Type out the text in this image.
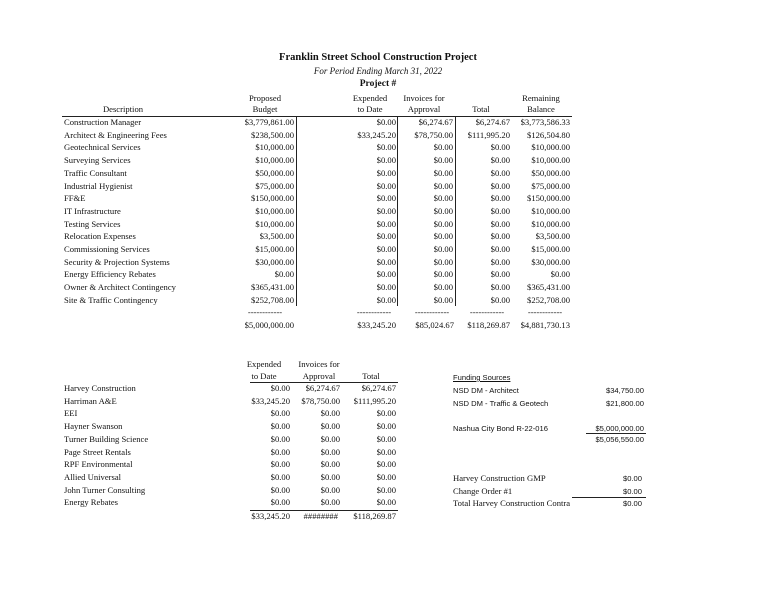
Franklin Street School Construction Project
For Period Ending March 31, 2022
Project #
Proposed
Budget
Expended
to Date
Invoices for
Approval	Total
Remaining
Balance
Description
Construction Manager	$3,779,861.00	$0.00	$6,274.67	$6,274.67	$3,773,586.33
Architect & Engineering Fees	$238,500.00	$33,245.20	$78,750.00	$111,995.20	$126,504.80
Geotechnical Services	$10,000.00	$0.00	$0.00	$0.00	$10,000.00
Surveying Services	$10,000.00	$0.00	$0.00	$0.00	$10,000.00
Traffic Consultant	$50,000.00	$0.00	$0.00	$0.00	$50,000.00
Industrial Hygienist	$75,000.00	$0.00	$0.00	$0.00	$75,000.00
FF&E	$150,000.00	$0.00	$0.00	$0.00	$150,000.00
IT Infrastructure	$10,000.00	$0.00	$0.00	$0.00	$10,000.00
Testing Services	$10,000.00	$0.00	$0.00	$0.00	$10,000.00
Relocation Expenses	$3,500.00	$0.00	$0.00	$0.00	$3,500.00
Commissioning Services	$15,000.00	$0.00	$0.00	$0.00	$15,000.00
Security & Projection Systems	$30,000.00	$0.00	$0.00	$0.00	$30,000.00
Energy Efficiency Rebates	$0.00	$0.00	$0.00	$0.00	$0.00
Owner & Architect Contingency	$365,431.00	$0.00	$0.00	$0.00	$365,431.00
Site & Traffic Contingency	$252,708.00	$0.00	$0.00	$0.00	$252,708.00
------------	------------	------------	------------	------------
$5,000,000.00	$33,245.20	$85,024.67	$118,269.87	$4,881,730.13
Expended
to Date
Invoices for
Approval	Total
Harvey Construction	$0.00	$6,274.67	$6,274.67
Harriman A&E	$33,245.20	$78,750.00	$111,995.20
EEI	$0.00	$0.00	$0.00
Hayner Swanson	$0.00	$0.00	$0.00
Turner Building Science	$0.00	$0.00	$0.00
Page Street Rentals	$0.00	$0.00	$0.00
RPF Environmental	$0.00	$0.00	$0.00
Allied Universal	$0.00	$0.00	$0.00
John Turner Consulting	$0.00	$0.00	$0.00
Energy Rebates	$0.00	$0.00	$0.00
$33,245.20	########	$118,269.87
Funding Sources
NSD DM - Architect	$34,750.00
NSD DM - Traffic & Geotech	$21,800.00
Nashua City Bond R-22-016	$5,000,000.00
$5,056,550.00
Harvey Construction GMP	$0.00
Change Order #1	$0.00
Total Harvey Construction Contra	$0.00
